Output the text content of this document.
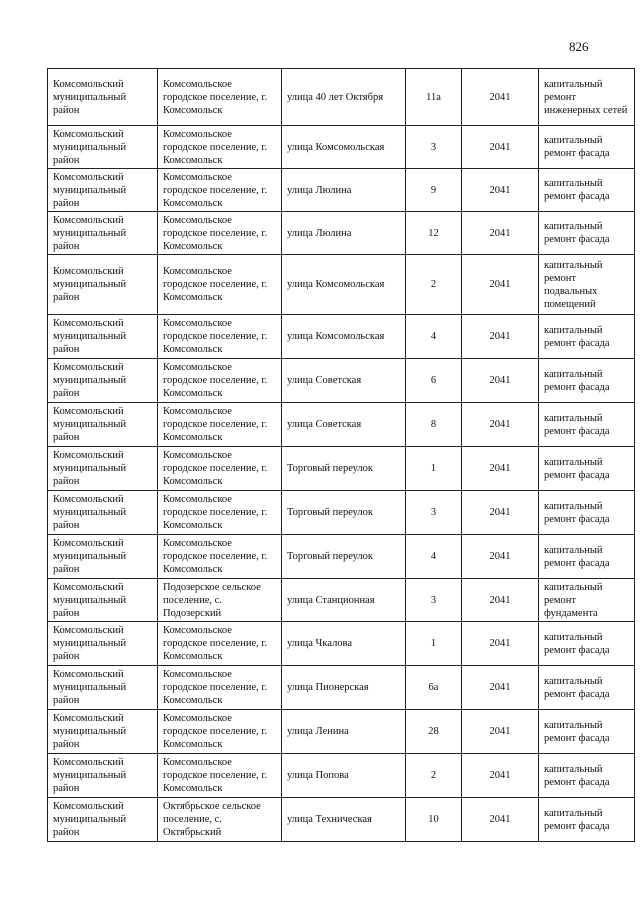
826
Комсомольский муниципальный район	Комсомольское городское поселение, г. Комсомольск	улица 40 лет Октября	11а	2041	капитальный ремонт инженерных сетей
Комсомольский муниципальный район	Комсомольское городское поселение, г. Комсомольск	улица Комсомольская	3	2041	капитальный ремонт фасада
Комсомольский муниципальный район	Комсомольское городское поселение, г. Комсомольск	улица Люлина	9	2041	капитальный ремонт фасада
Комсомольский муниципальный район	Комсомольское городское поселение, г. Комсомольск	улица Люлина	12	2041	капитальный ремонт фасада
Комсомольский муниципальный район	Комсомольское городское поселение, г. Комсомольск	улица Комсомольская	2	2041	капитальный ремонт подвальных помещений
Комсомольский муниципальный район	Комсомольское городское поселение, г. Комсомольск	улица Комсомольская	4	2041	капитальный ремонт фасада
Комсомольский муниципальный район	Комсомольское городское поселение, г. Комсомольск	улица Советская	6	2041	капитальный ремонт фасада
Комсомольский муниципальный район	Комсомольское городское поселение, г. Комсомольск	улица Советская	8	2041	капитальный ремонт фасада
Комсомольский муниципальный район	Комсомольское городское поселение, г. Комсомольск	Торговый переулок	1	2041	капитальный ремонт фасада
Комсомольский муниципальный район	Комсомольское городское поселение, г. Комсомольск	Торговый переулок	3	2041	капитальный ремонт фасада
Комсомольский муниципальный район	Комсомольское городское поселение, г. Комсомольск	Торговый переулок	4	2041	капитальный ремонт фасада
Комсомольский муниципальный район	Подозерское сельское поселение, с. Подозерский	улица Станционная	3	2041	капитальный ремонт фундамента
Комсомольский муниципальный район	Комсомольское городское поселение, г. Комсомольск	улица Чкалова	1	2041	капитальный ремонт фасада
Комсомольский муниципальный район	Комсомольское городское поселение, г. Комсомольск	улица Пионерская	6а	2041	капитальный ремонт фасада
Комсомольский муниципальный район	Комсомольское городское поселение, г. Комсомольск	улица Ленина	28	2041	капитальный ремонт фасада
Комсомольский муниципальный район	Комсомольское городское поселение, г. Комсомольск	улица Попова	2	2041	капитальный ремонт фасада
Комсомольский муниципальный район	Октябрьское сельское поселение, с. Октябрьский	улица Техническая	10	2041	капитальный ремонт фасада
